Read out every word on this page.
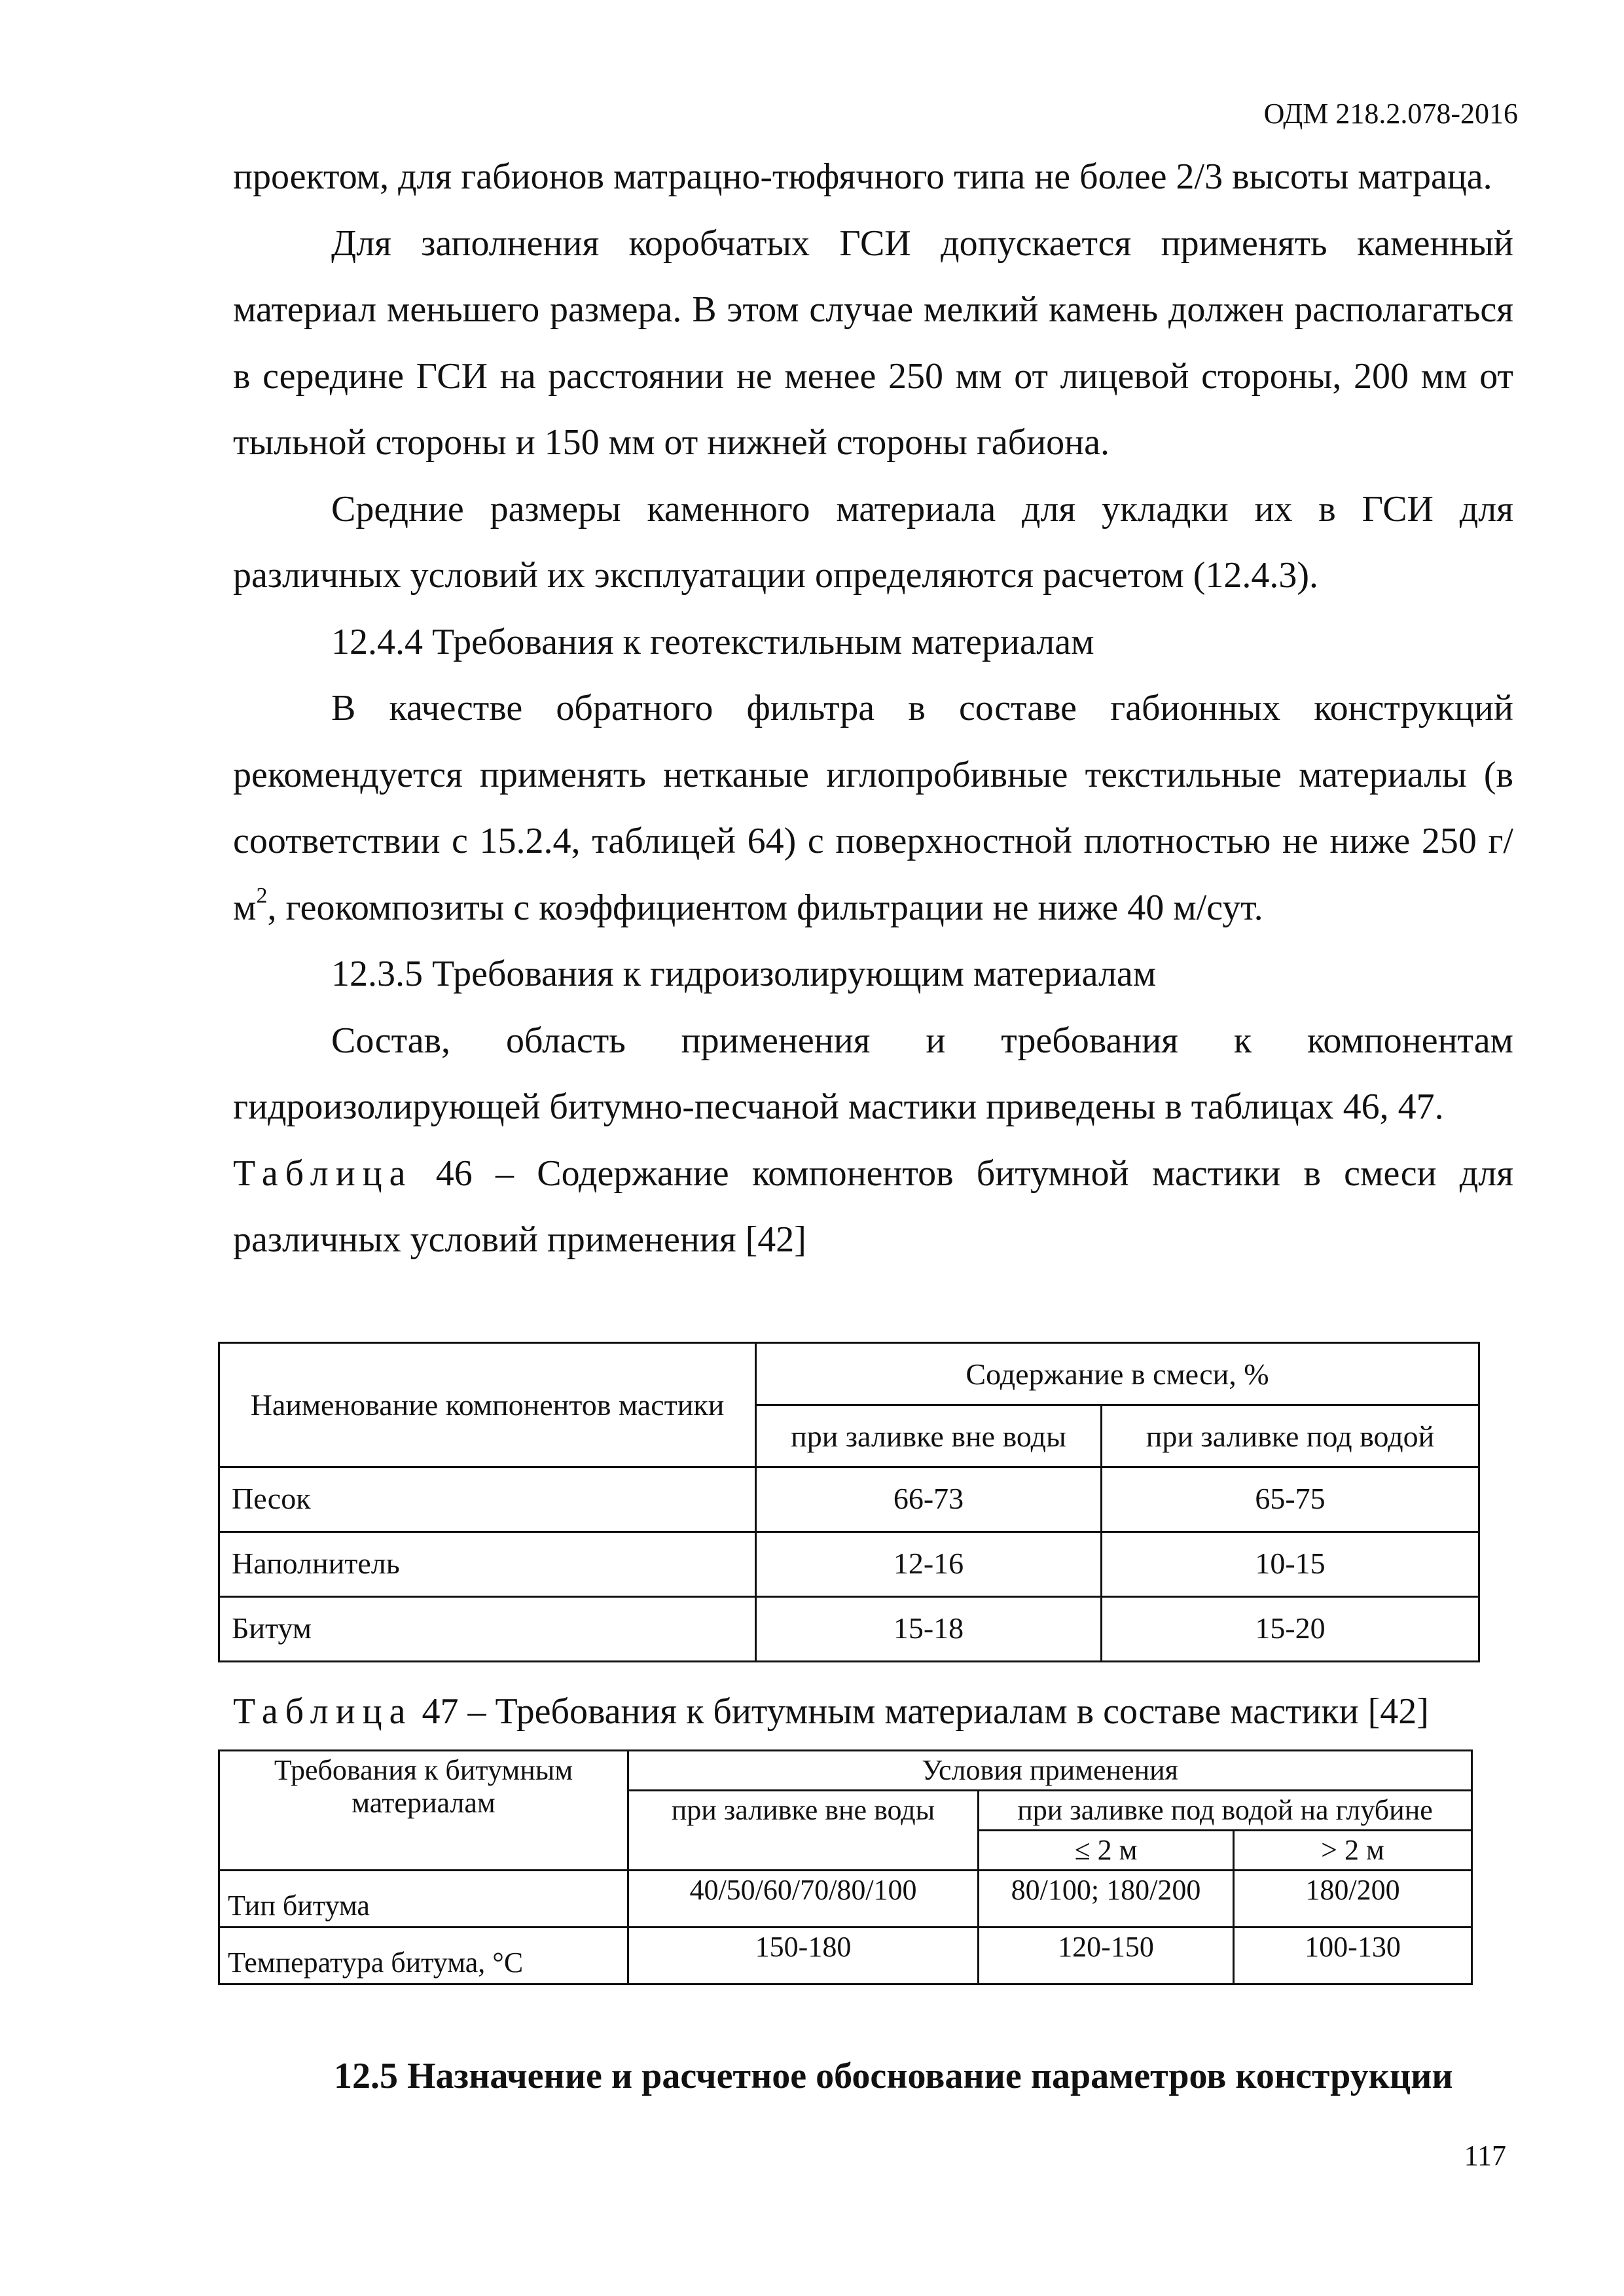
ОДМ 218.2.078-2016

проектом, для габионов матрацно-тюфячного типа не более 2/3 высоты матраца.

Для заполнения коробчатых ГСИ допускается применять каменный материал меньшего размера. В этом случае мелкий камень должен располагаться в середине ГСИ на расстоянии не менее 250 мм от лицевой стороны, 200 мм от тыльной стороны и 150 мм от нижней стороны габиона.

Средние размеры каменного материала для укладки их в ГСИ для различных условий их эксплуатации определяются расчетом (12.4.3).

12.4.4 Требования к геотекстильным материалам

В качестве обратного фильтра в составе габионных конструкций рекомендуется применять нетканые иглопробивные текстильные материалы (в соответствии с 15.2.4, таблицей 64) с поверхностной плотностью не ниже 250 $г/м^2$, геокомпозиты с коэффициентом фильтрации не ниже 40 м/сут.

12.3.5 Требования к гидроизолирующим материалам

Состав, область применения и требования к компонентам гидроизолирующей битумно-песчаной мастики приведены в таблицах 46, 47.

Таблица 46 – Содержание компонентов битумной мастики в смеси для различных условий применения [42]

Наименование компонентов мастики	Содержание в смеси, %	
	при заливке вне воды	при заливке под водой
Песок	66-73	65-75
Наполнитель	12-16	10-15
Битум	15-18	15-20

Таблица 47 – Требования к битумным материалам в составе мастики [42]

Требования к битумным материалам	Условия применения		
	при заливке вне воды	при заливке под водой на глубине	
		≤ 2 м	> 2 м
Тип битума	40/50/60/70/80/100	80/100; 180/200	180/200
Температура битума, °С	150-180	120-150	100-130
12.5 Назначение и расчетное обоснование параметров конструкции
117
